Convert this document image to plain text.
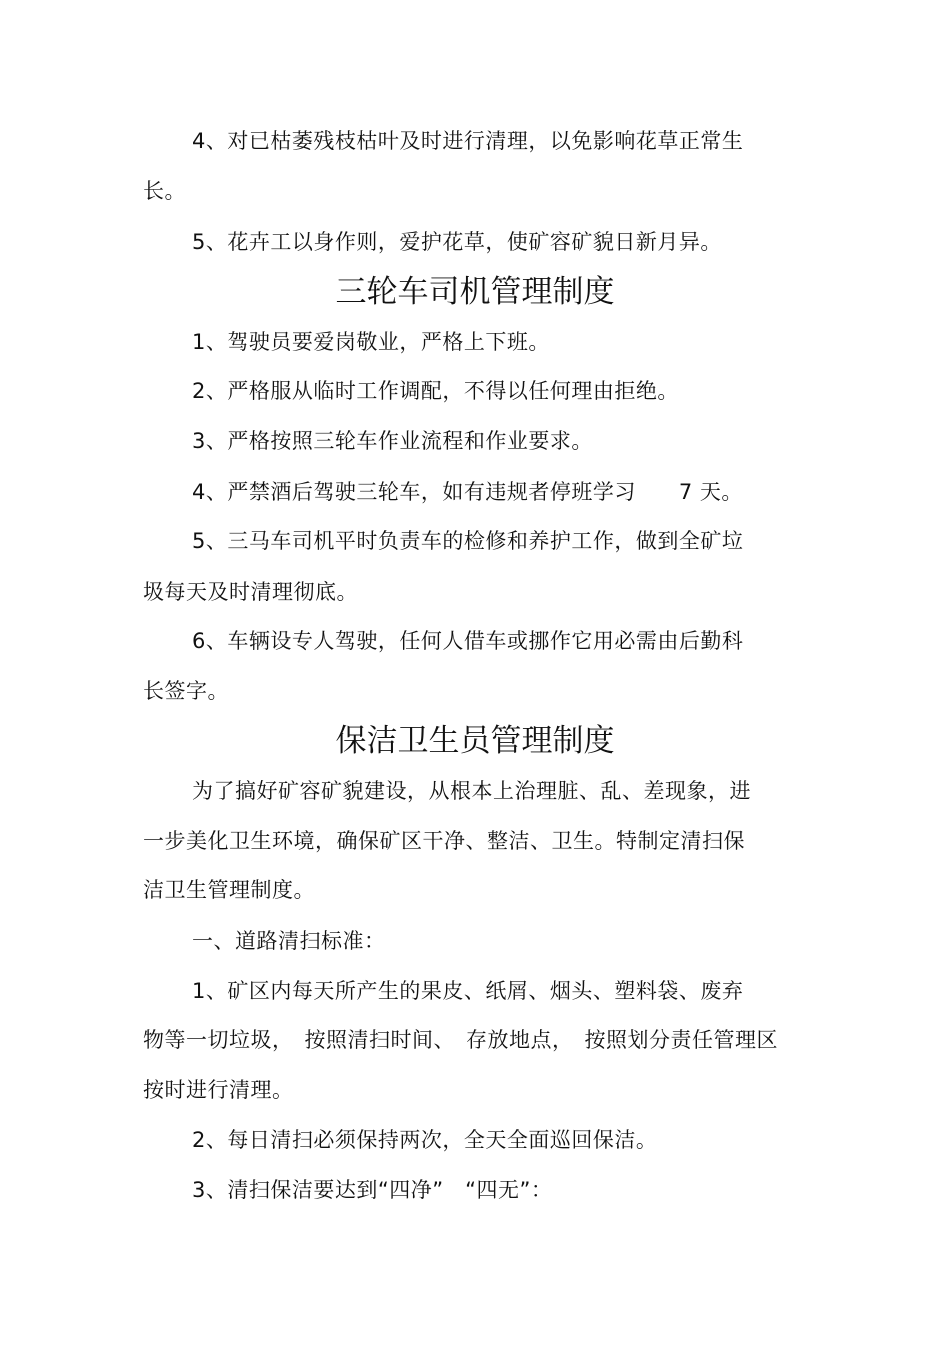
4、对已枯萎残枝枯叶及时进行清理，以免影响花草正常生
长。
5、花卉工以身作则，爱护花草，使矿容矿貌日新月异。
三轮车司机管理制度
1、驾驶员要爱岗敬业，严格上下班。
2、严格服从临时工作调配，不得以任何理由拒绝。
3、严格按照三轮车作业流程和作业要求。
4、严禁酒后驾驶三轮车，如有违规者停班学习　　7 天。
5、三马车司机平时负责车的检修和养护工作，做到全矿垃
圾每天及时清理彻底。
6、车辆设专人驾驶，任何人借车或挪作它用必需由后勤科
长签字。
保洁卫生员管理制度
为了搞好矿容矿貌建设，从根本上治理脏、乱、差现象，进
一步美化卫生环境，确保矿区干净、整洁、卫生。特制定清扫保
洁卫生管理制度。
一、道路清扫标准：
1、矿区内每天所产生的果皮、纸屑、烟头、塑料袋、废弃
物等一切垃圾，　按照清扫时间、　存放地点，　按照划分责任管理区
按时进行清理。
2、每日清扫必须保持两次，全天全面巡回保洁。
3、清扫保洁要达到“四净”　“四无”：
